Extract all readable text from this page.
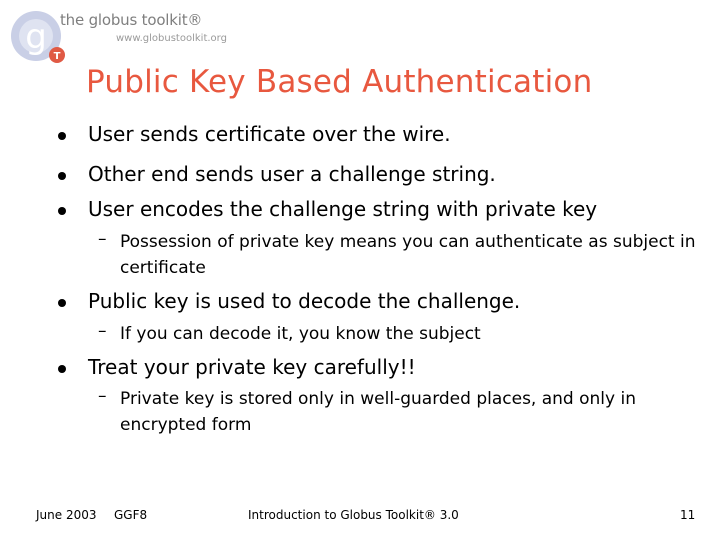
g T
the globus toolkit®
www.globustoolkit.org
Public Key Based Authentication
User sends certificate over the wire.
Other end sends user a challenge string.
User encodes the challenge string with private key
– Possession of private key means you can authenticate as subject in certificate
Public key is used to decode the challenge.
– If you can decode it, you know the subject
Treat your private key carefully!!
– Private key is stored only in well-guarded places, and only in encrypted form
June 2003 GGF8	Introduction to Globus Toolkit® 3.0	11
